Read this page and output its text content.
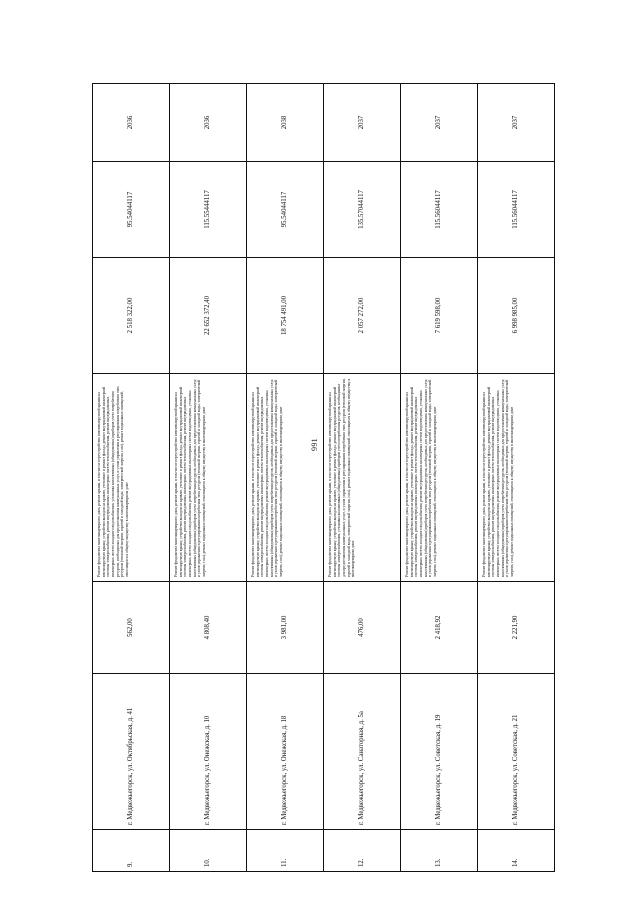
991
9.	г. Медвежьегорск, ул. Октябрьская, д. 41	562,00	Ремонт фундамента многоквартирного дома, ремонт крыши, в том числе переустройство невентилируемой крыши на вентилируемую крышу, устройство выходов на кровлю, утепление и ремонт фасада, ремонт внутридомовой инженерной системы электроснабжения, ремонт внутридомовых инженерных систем теплоснабжения, ремонт внутридомовых инженерных систем холодного водоснабжения, установка коллективных (общедомовых) приборов учета потребления ресурсов, необходимых для предоставления коммунальных услуг, и узлов управления и регулирования потребления этих ресурсов (тепловой энергии, горячей и холодной воды, электрической энергии, газа), ремонт подвальных помещений, относящихся к общему имуществу в многоквартирном доме	2 518 322,00	95.54044117	2036
10.	г. Медвежьегорск, ул. Онежская, д. 10	4 808,40	Ремонт фундамента многоквартирного дома, ремонт крыши, в том числе переустройство невентилируемой крыши на вентилируемую крышу, устройство выходов на кровлю, утепление и ремонт фасада, ремонт внутридомовой инженерной системы электроснабжения, ремонт внутридомовых инженерных систем теплоснабжения, ремонт внутридомовых инженерных систем холодного водоснабжения, ремонт внутридомовых инженерных систем водоотведения, установка коллективных (общедомовых) приборов учета потребления ресурсов, необходимых для предоставления коммунальных услуг, и узлов управления и регулирования потребления этих ресурсов (тепловой энергии, горячей и холодной воды, электрической энергии, газа), ремонт подвальных помещений, относящихся к общему имуществу в многоквартирном доме	22 652 372,40	115.55444117	2036
11.	г. Медвежьегорск, ул. Онежская, д. 18	3 981,00	Ремонт фундамента многоквартирного дома, ремонт крыши, в том числе переустройство невентилируемой крыши на вентилируемую крышу, устройство выходов на кровлю, утепление и ремонт фасада, ремонт внутридомовой инженерной системы электроснабжения, ремонт внутридомовых инженерных систем теплоснабжения, ремонт внутридомовых инженерных систем холодного водоснабжения, ремонт внутридомовых инженерных систем водоотведения, установка коллективных (общедомовых) приборов учета потребления ресурсов, необходимых для предоставления коммунальных услуг, и узлов управления и регулирования потребления этих ресурсов (тепловой энергии, горячей и холодной воды, электрической энергии, газа), ремонт подвальных помещений, относящихся к общему имуществу в многоквартирном доме	18 754 491,00	95.54044117	2038
12.	г. Медвежьегорск, ул. Санаторная, д. 5а	476,00	Ремонт фундамента многоквартирного дома, ремонт крыши, в том числе переустройство невентилируемой крыши на вентилируемую крышу, устройство выходов на кровлю, утепление и ремонт фасада, ремонт внутридомовой инженерной системы электроснабжения, установка коллективных (общедомовых) приборов учета потребления ресурсов, необходимых для предоставления коммунальных услуг, и узлов управления и регулирования потребления этих ресурсов (тепловой энергии, горячей и холодной воды, электрической энергии, газа), ремонт подвальных помещений, относящихся к общему имуществу в многоквартирном доме	2 057 272,00	135.57044117	2037
13.	г. Медвежьегорск, ул. Советская, д. 19	2 418,92	Ремонт фундамента многоквартирного дома, ремонт крыши, в том числе переустройство невентилируемой крыши на вентилируемую крышу, устройство выходов на кровлю, утепление и ремонт фасада, ремонт внутридомовой инженерной системы электроснабжения, ремонт внутридомовых инженерных систем теплоснабжения, ремонт внутридомовых инженерных систем холодного водоснабжения, ремонт внутридомовых инженерных систем водоотведения, установка коллективных (общедомовых) приборов учета потребления ресурсов, необходимых для предоставления коммунальных услуг, и узлов управления и регулирования потребления этих ресурсов (тепловой энергии, горячей и холодной воды, электрической энергии, газа), ремонт подвальных помещений, относящихся к общему имуществу в многоквартирном доме	7 619 598,00	115.56044117	2037
14.	г. Медвежьегорск, ул. Советская, д. 21	2 221,90	Ремонт фундамента многоквартирного дома, ремонт крыши, в том числе переустройство невентилируемой крыши на вентилируемую крышу, устройство выходов на кровлю, утепление и ремонт фасада, ремонт внутридомовой инженерной системы электроснабжения, ремонт внутридомовых инженерных систем теплоснабжения, ремонт внутридомовых инженерных систем холодного водоснабжения, ремонт внутридомовых инженерных систем водоотведения, установка коллективных (общедомовых) приборов учета потребления ресурсов, необходимых для предоставления коммунальных услуг, и узлов управления и регулирования потребления этих ресурсов (тепловой энергии, горячей и холодной воды, электрической энергии, газа), ремонт подвальных помещений, относящихся к общему имуществу в многоквартирном доме	6 998 985,00	115.56044117	2037
